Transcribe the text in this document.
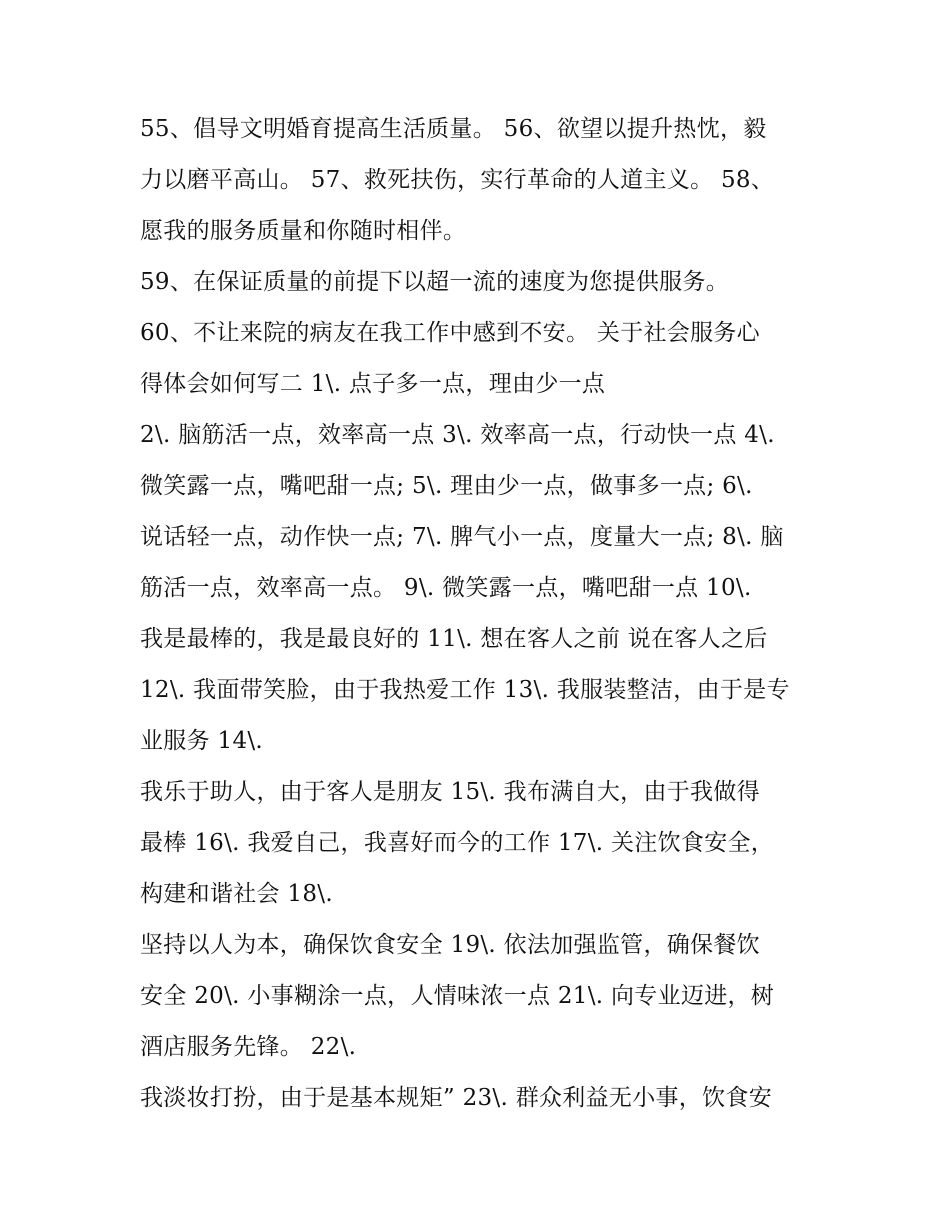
55、倡导文明婚育提高生活质量。 56、欲望以提升热忱，毅
力以磨平高山。 57、救死扶伤，实行革命的人道主义。 58、
愿我的服务质量和你随时相伴。
59、在保证质量的前提下以超一流的速度为您提供服务。
60、不让来院的病友在我工作中感到不安。 关于社会服务心
得体会如何写二 1\. 点子多一点，理由少一点
2\. 脑筋活一点，效率高一点 3\. 效率高一点，行动快一点 4\.
微笑露一点，嘴吧甜一点; 5\. 理由少一点，做事多一点; 6\.
说话轻一点，动作快一点; 7\. 脾气小一点，度量大一点; 8\. 脑
筋活一点，效率高一点。 9\. 微笑露一点，嘴吧甜一点 10\.
我是最棒的，我是最良好的 11\. 想在客人之前 说在客人之后
12\. 我面带笑脸，由于我热爱工作 13\. 我服装整洁，由于是专
业服务 14\.
我乐于助人，由于客人是朋友 15\. 我布满自大，由于我做得
最棒 16\. 我爱自己，我喜好而今的工作 17\. 关注饮食安全，
构建和谐社会 18\.
坚持以人为本，确保饮食安全 19\. 依法加强监管，确保餐饮
安全 20\. 小事糊涂一点，人情味浓一点 21\. 向专业迈进，树
酒店服务先锋。 22\.
我淡妆打扮，由于是基本规矩” 23\. 群众利益无小事，饮食安
